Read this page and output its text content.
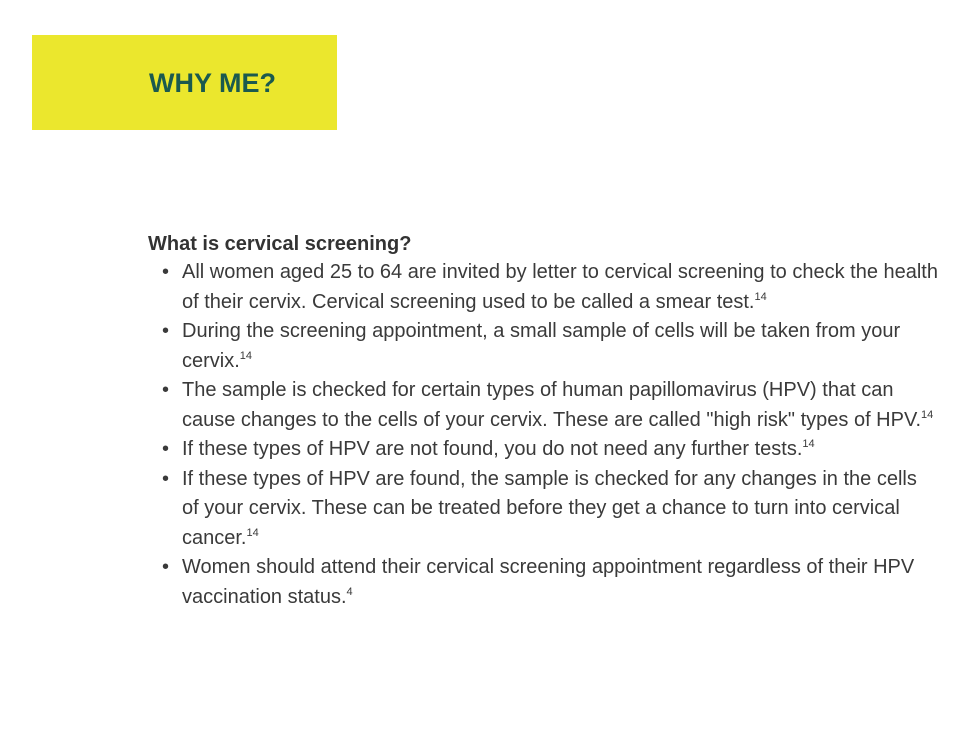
WHY ME?
What is cervical screening?
• All women aged 25 to 64 are invited by letter to cervical screening to check the health of their cervix. Cervical screening used to be called a smear test.$^{14}$
• During the screening appointment, a small sample of cells will be taken from your cervix.$^{14}$
• The sample is checked for certain types of human papillomavirus (HPV) that can cause changes to the cells of your cervix. These are called "high risk" types of HPV.$^{14}$
• If these types of HPV are not found, you do not need any further tests.$^{14}$
• If these types of HPV are found, the sample is checked for any changes in the cells of your cervix. These can be treated before they get a chance to turn into cervical cancer.$^{14}$
• Women should attend their cervical screening appointment regardless of their HPV vaccination status.$^4$
